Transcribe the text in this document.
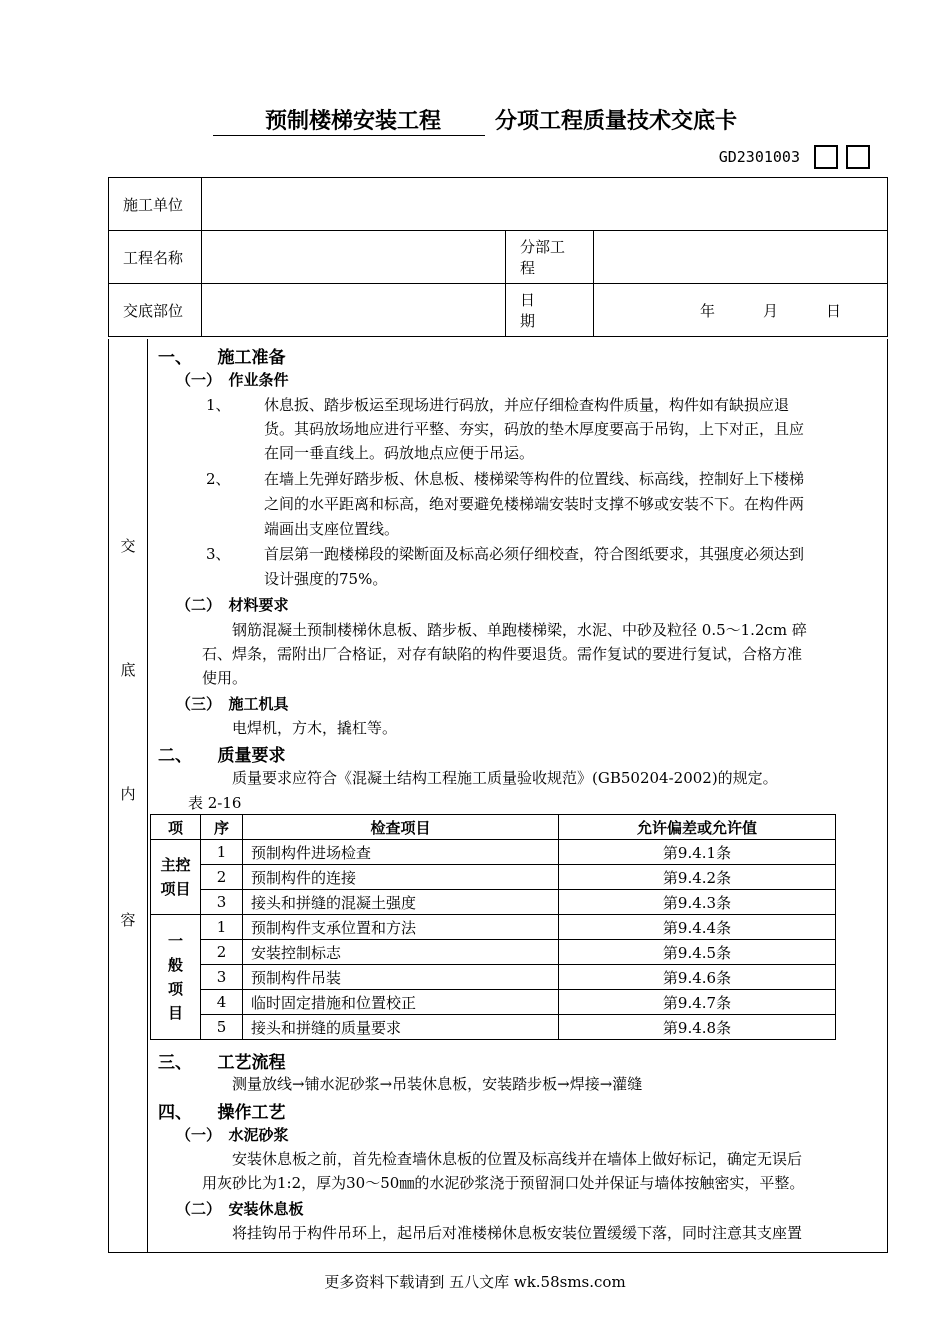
预制楼梯安装工程 分项工程质量技术交底卡
GD2301003
施工单位			
工程名称		分部工程	
交底部位		日　　期	年 月 日
交
底
内
容
一、　　施工准备
（一）　作业条件
1、 休息扳、踏步板运至现场进行码放，并应仔细检查构件质量，构件如有缺损应退
货。其码放场地应进行平整、夯实，码放的垫木厚度要高于吊钩，上下对正，且应
在同一垂直线上。码放地点应便于吊运。
2、 在墙上先弹好踏步板、休息板、楼梯梁等构件的位置线、标高线，控制好上下楼梯
之间的水平距离和标高，绝对要避免楼梯端安装时支撑不够或安装不下。在构件两
端画出支座位置线。
3、 首层第一跑楼梯段的梁断面及标高必须仔细校查，符合图纸要求，其强度必须达到
设计强度的75%。
（二）　材料要求
钢筋混凝土预制楼梯休息板、踏步板、单跑楼梯梁，水泥、中砂及粒径 0.5～1.2cm 碎
石、焊条，需附出厂合格证，对存有缺陷的构件要退货。需作复试的要进行复试，合格方准
使用。
（三）　施工机具
电焊机，方木，撬杠等。
二、　　质量要求
质量要求应符合《混凝土结构工程施工质量验收规范》(GB50204-2002)的规定。
表 2-16
项	序	检查项目	允许偏差或允许值
主控
项目	1	预制构件进场检查	第9.4.1条
	2	预制构件的连接	第9.4.2条
	3	接头和拼缝的混凝土强度	第9.4.3条
一
般
项
目	1	预制构件支承位置和方法	第9.4.4条
	2	安装控制标志	第9.4.5条
	3	预制构件吊装	第9.4.6条
	4	临时固定措施和位置校正	第9.4.7条
	5	接头和拼缝的质量要求	第9.4.8条
三、　　工艺流程
测量放线→铺水泥砂浆→吊装休息板，安装踏步板→焊接→灌缝
四、　　操作工艺
（一）　水泥砂浆
安装休息板之前，首先检查墙休息板的位置及标高线并在墙体上做好标记，确定无误后
用灰砂比为1:2，厚为30～50㎜的水泥砂浆浇于预留洞口处并保证与墙体按触密实，平整。
（二）　安装休息板
将挂钩吊于构件吊环上，起吊后对准楼梯休息板安装位置缓缓下落，同时注意其支座置
更多资料下载请到 五八文库 wk.58sms.com
